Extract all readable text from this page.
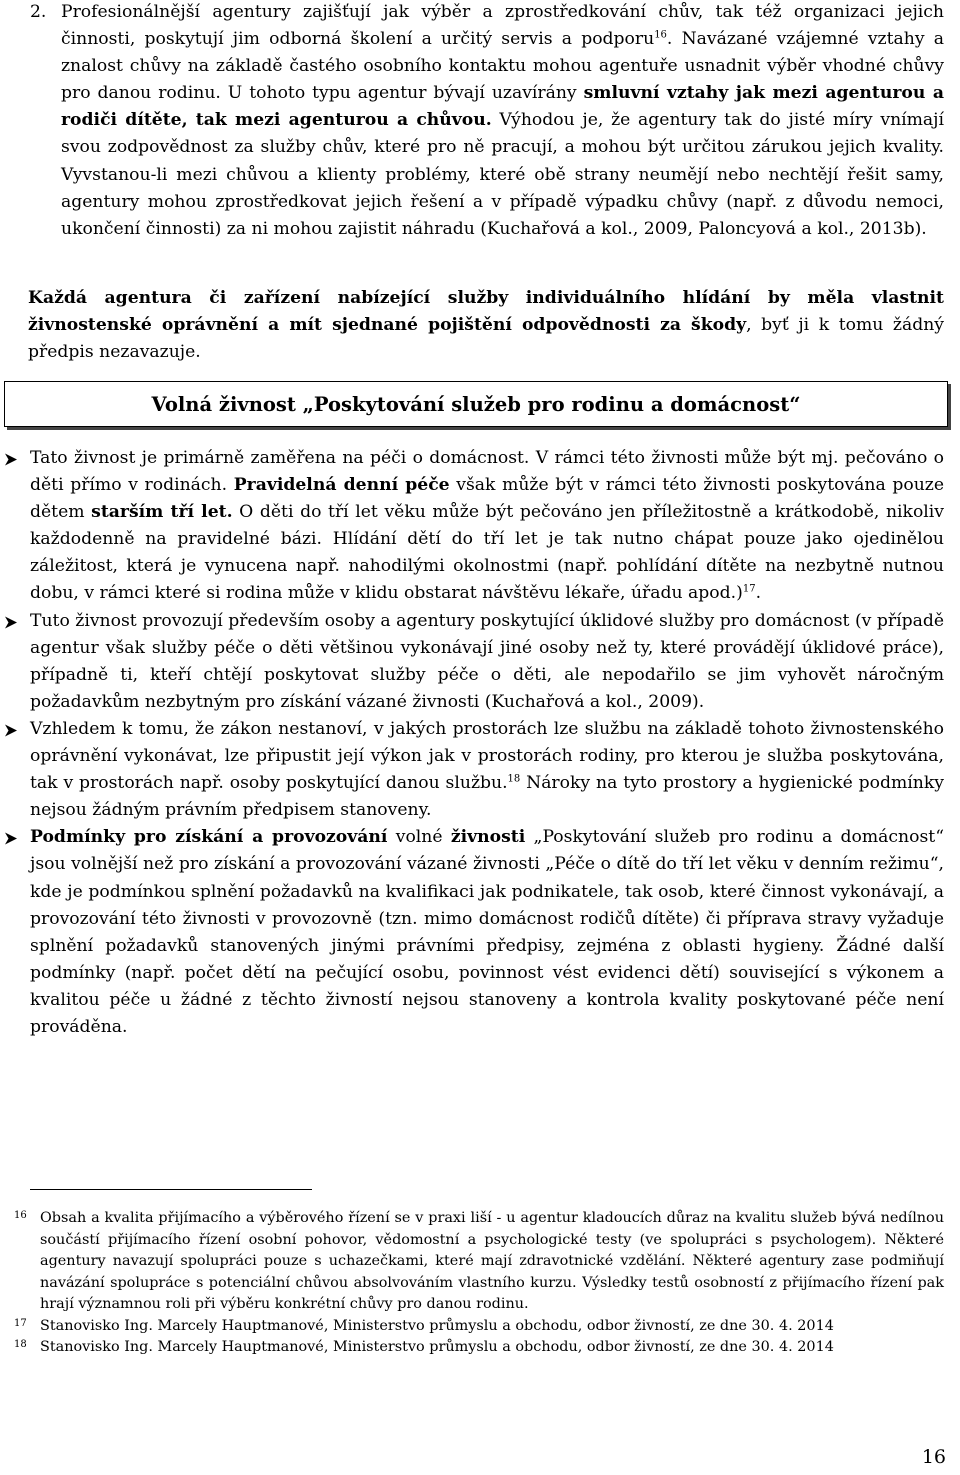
2. Profesionálnější agentury zajišťují jak výběr a zprostředkování chův, tak též organizaci jejich činnosti, poskytují jim odborná školení a určitý servis a podporu$^{16}$. Navázané vzájemné vztahy a znalost chůvy na základě častého osobního kontaktu mohou agentuře usnadnit výběr vhodné chůvy pro danou rodinu. U tohoto typu agentur bývají uzavírány smluvní vztahy jak mezi agenturou a rodiči dítěte, tak mezi agenturou a chůvou. Výhodou je, že agentury tak do jisté míry vnímají svou zodpovědnost za služby chův, které pro ně pracují, a mohou být určitou zárukou jejich kvality. Vyvstanou-li mezi chůvou a klienty problémy, které obě strany neumějí nebo nechtějí řešit samy, agentury mohou zprostředkovat jejich řešení a v případě výpadku chůvy (např. z důvodu nemoci, ukončení činnosti) za ni mohou zajistit náhradu (Kuchařová a kol., 2009, Paloncyová a kol., 2013b).

Každá agentura či zařízení nabízející služby individuálního hlídání by měla vlastnit živnostenské oprávnění a mít sjednané pojištění odpovědnosti za škody, byť ji k tomu žádný předpis nezavazuje.

Volná živnost „Poskytování služeb pro rodinu a domácnost“
Tato živnost je primárně zaměřena na péči o domácnost. V rámci této živnosti může být mj. pečováno o děti přímo v rodinách. Pravidelná denní péče však může být v rámci této živnosti poskytována pouze dětem starším tří let. O děti do tří let věku může být pečováno jen příležitostně a krátkodobě, nikoliv každodenně na pravidelné bázi. Hlídání dětí do tří let je tak nutno chápat pouze jako ojedinělou záležitost, která je vynucena např. nahodilými okolnostmi (např. pohlídání dítěte na nezbytně nutnou dobu, v rámci které si rodina může v klidu obstarat návštěvu lékaře, úřadu apod.)$^{17}$.
Tuto živnost provozují především osoby a agentury poskytující úklidové služby pro domácnost (v případě agentur však služby péče o děti většinou vykonávají jiné osoby než ty, které provádějí úklidové práce), případně ti, kteří chtějí poskytovat služby péče o děti, ale nepodařilo se jim vyhovět náročným požadavkům nezbytným pro získání vázané živnosti (Kuchařová a kol., 2009).
Vzhledem k tomu, že zákon nestanoví, v jakých prostorách lze službu na základě tohoto živnostenského oprávnění vykonávat, lze připustit její výkon jak v prostorách rodiny, pro kterou je služba poskytována, tak v prostorách např. osoby poskytující danou službu.$^{18}$ Nároky na tyto prostory a hygienické podmínky nejsou žádným právním předpisem stanoveny.
Podmínky pro získání a provozování volné živnosti „Poskytování služeb pro rodinu a domácnost“ jsou volnější než pro získání a provozování vázané živnosti „Péče o dítě do tří let věku v denním režimu“, kde je podmínkou splnění požadavků na kvalifikaci jak podnikatele, tak osob, které činnost vykonávají, a provozování této živnosti v provozovně (tzn. mimo domácnost rodičů dítěte) či příprava stravy vyžaduje splnění požadavků stanovených jinými právními předpisy, zejména z oblasti hygieny. Žádné další podmínky (např. počet dětí na pečující osobu, povinnost vést evidenci dětí) související s výkonem a kvalitou péče u žádné z těchto živností nejsou stanoveny a kontrola kvality poskytované péče není prováděna.
16 Obsah a kvalita přijímacího a výběrového řízení se v praxi liší - u agentur kladoucích důraz na kvalitu služeb bývá nedílnou součástí přijímacího řízení osobní pohovor, vědomostní a psychologické testy (ve spolupráci s psychologem). Některé agentury navazují spolupráci pouze s uchazečkami, které mají zdravotnické vzdělání. Některé agentury zase podmiňují navázání spolupráce s potenciální chůvou absolvováním vlastního kurzu. Výsledky testů osobností z přijímacího řízení pak hrají významnou roli při výběru konkrétní chůvy pro danou rodinu.
17 Stanovisko Ing. Marcely Hauptmanové, Ministerstvo průmyslu a obchodu, odbor živností, ze dne 30. 4. 2014
18 Stanovisko Ing. Marcely Hauptmanové, Ministerstvo průmyslu a obchodu, odbor živností, ze dne 30. 4. 2014
16
